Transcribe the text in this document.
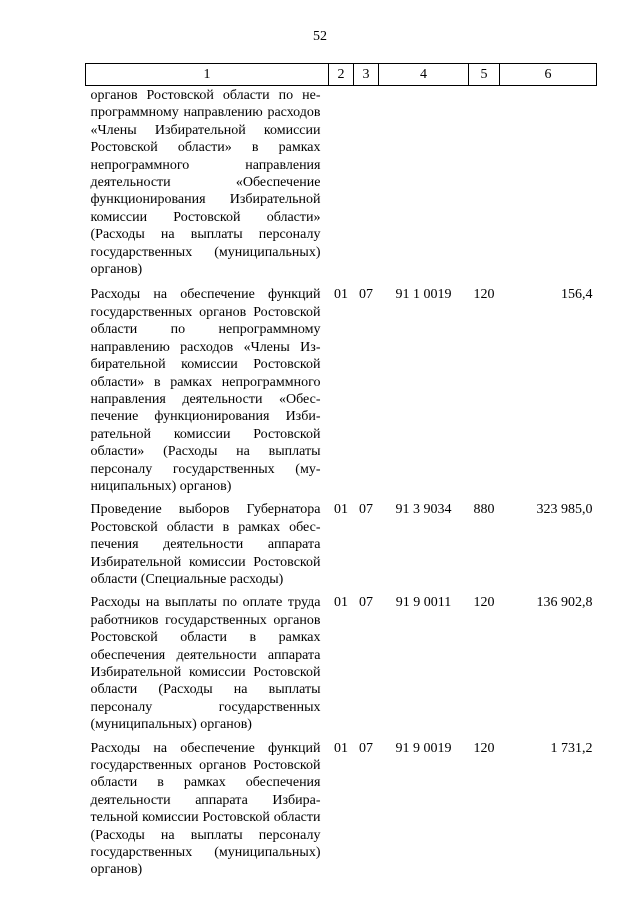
52
1	2	3	4	5	6
органов Ростовской области по непрограммному направлению расходов «Члены Избирательной комиссии Ростовской области» в рамках непрограммного направления деятельности «Обеспечение функционирования Избирательной комиссии Ростовской области» (Расходы на выплаты персоналу государственных (муниципальных) органов)					
Расходы на обеспечение функций государственных органов Ростовской области по непрограммному направлению расходов «Члены Избирательной комиссии Ростовской области» в рамках непрограммного направления деятельности «Обеспечение функционирования Избирательной комиссии Ростовской области» (Расходы на выплаты персоналу государственных (муниципальных) органов)	01	07	91 1 0019	120	156,4
Проведение выборов Губернатора Ростовской области в рамках обеспечения деятельности аппарата Избирательной комиссии Ростовской области (Специальные расходы)	01	07	91 3 9034	880	323 985,0
Расходы на выплаты по оплате труда работников государственных органов Ростовской области в рамках обеспечения деятельности аппарата Избирательной комиссии Ростовской области (Расходы на выплаты персоналу государственных (муниципальных) органов)	01	07	91 9 0011	120	136 902,8
Расходы на обеспечение функций государственных органов Ростовской области в рамках обеспечения деятельности аппарата Избирательной комиссии Ростовской области (Расходы на выплаты персоналу государственных (муниципальных) органов)	01	07	91 9 0019	120	1 731,2
